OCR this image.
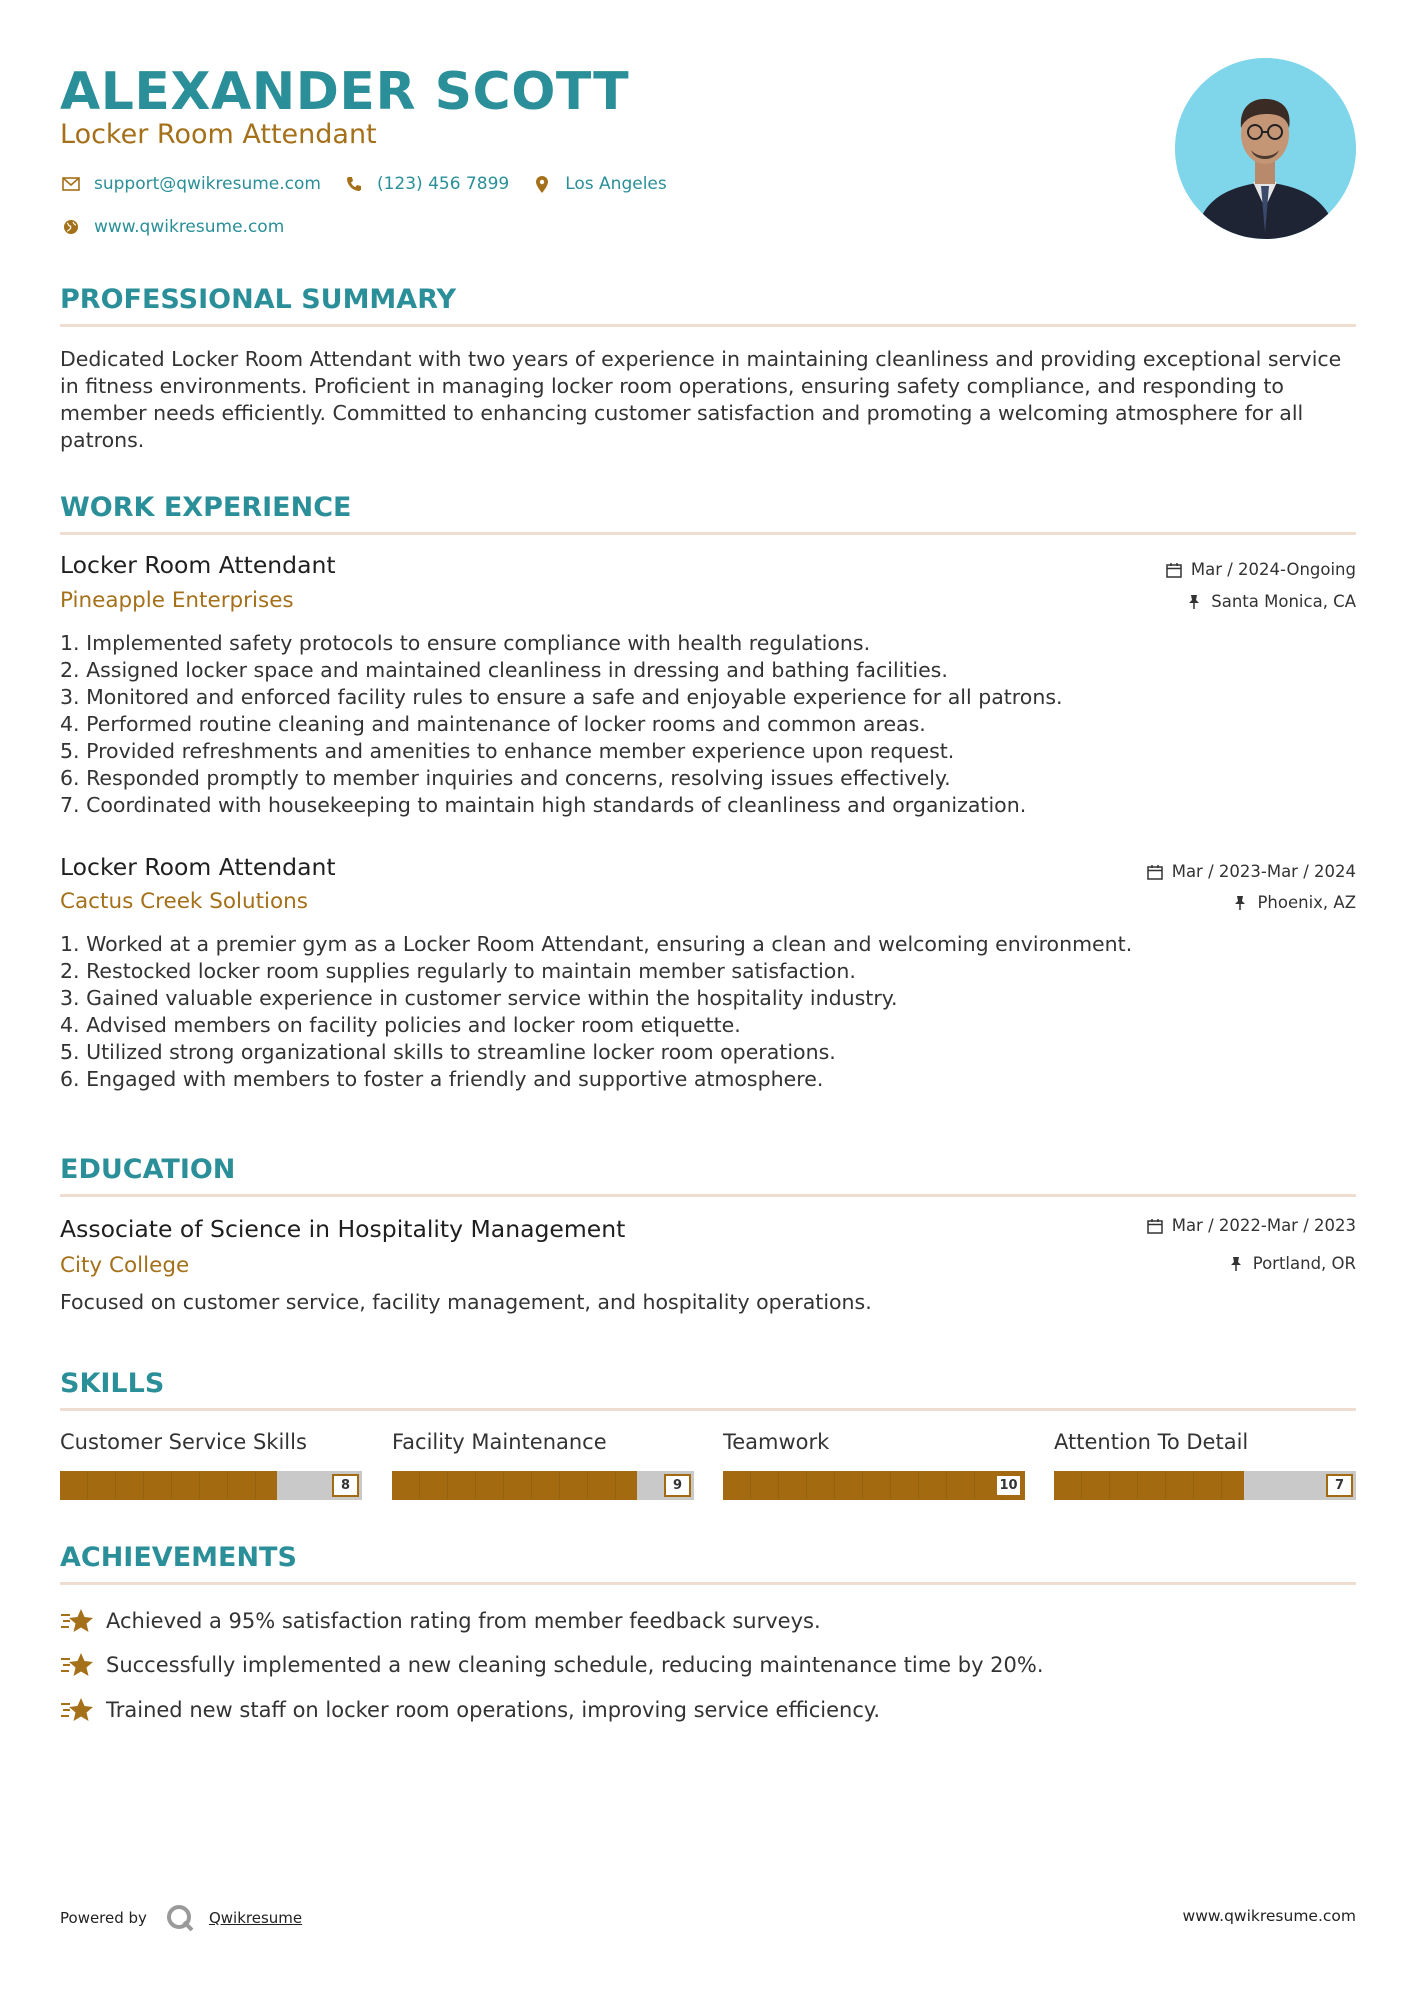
ALEXANDER SCOTT
Locker Room Attendant
support@qwikresume.com	(123) 456 7899	Los Angeles
www.qwikresume.com
PROFESSIONAL SUMMARY
Dedicated Locker Room Attendant with two years of experience in maintaining cleanliness and providing exceptional service in fitness environments. Proficient in managing locker room operations, ensuring safety compliance, and responding to member needs efficiently. Committed to enhancing customer satisfaction and promoting a welcoming atmosphere for all patrons.
WORK EXPERIENCE
Locker Room Attendant	Mar / 2024-Ongoing
Pineapple Enterprises	Santa Monica, CA
1. Implemented safety protocols to ensure compliance with health regulations.
2. Assigned locker space and maintained cleanliness in dressing and bathing facilities.
3. Monitored and enforced facility rules to ensure a safe and enjoyable experience for all patrons.
4. Performed routine cleaning and maintenance of locker rooms and common areas.
5. Provided refreshments and amenities to enhance member experience upon request.
6. Responded promptly to member inquiries and concerns, resolving issues effectively.
7. Coordinated with housekeeping to maintain high standards of cleanliness and organization.
Locker Room Attendant	Mar / 2023-Mar / 2024
Cactus Creek Solutions	Phoenix, AZ
1. Worked at a premier gym as a Locker Room Attendant, ensuring a clean and welcoming environment.
2. Restocked locker room supplies regularly to maintain member satisfaction.
3. Gained valuable experience in customer service within the hospitality industry.
4. Advised members on facility policies and locker room etiquette.
5. Utilized strong organizational skills to streamline locker room operations.
6. Engaged with members to foster a friendly and supportive atmosphere.
EDUCATION
Associate of Science in Hospitality Management	Mar / 2022-Mar / 2023
City College	Portland, OR
Focused on customer service, facility management, and hospitality operations.
SKILLS
Customer Service Skills
8
Facility Maintenance
9
Teamwork
10
Attention To Detail
7
ACHIEVEMENTS
Achieved a 95% satisfaction rating from member feedback surveys.
Successfully implemented a new cleaning schedule, reducing maintenance time by 20%.
Trained new staff on locker room operations, improving service efficiency.
Powered by	Qwikresume	www.qwikresume.com
